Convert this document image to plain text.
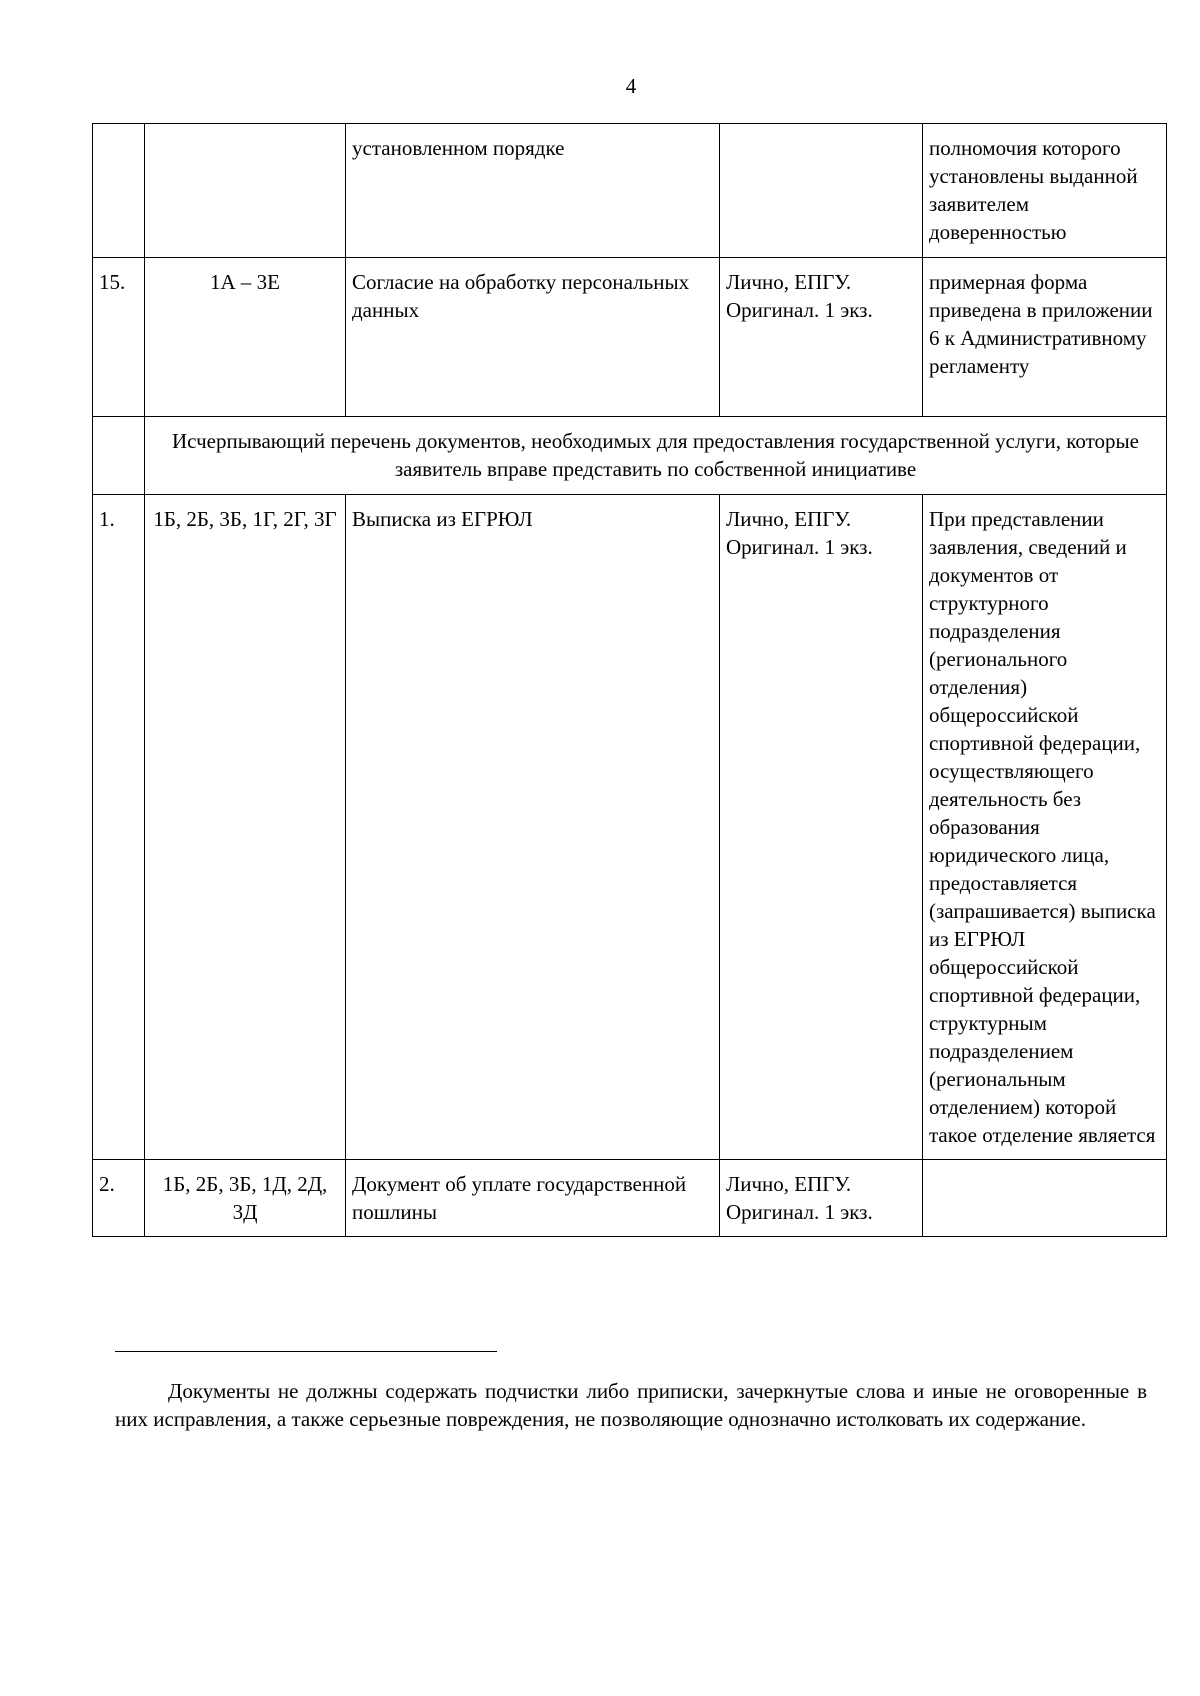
4
		установленном порядке		полномочия которого установлены выданной заявителем доверенностью
15.	1А – 3Е	Согласие на обработку персональных данных	Лично, ЕПГУ. Оригинал. 1 экз.	примерная форма приведена в приложении 6 к Административному регламенту
	Исчерпывающий перечень документов, необходимых для предоставления государственной услуги, которые заявитель вправе представить по собственной инициативе			
1.	1Б, 2Б, 3Б, 1Г, 2Г, 3Г	Выписка из ЕГРЮЛ	Лично, ЕПГУ. Оригинал. 1 экз.	При представлении заявления, сведений и документов от структурного подразделения (регионального отделения) общероссийской спортивной федерации, осуществляющего деятельность без образования юридического лица, предоставляется (запрашивается) выписка из ЕГРЮЛ общероссийской спортивной федерации, структурным подразделением (региональным отделением) которой такое отделение является
2.	1Б, 2Б, 3Б, 1Д, 2Д, 3Д	Документ об уплате государственной пошлины	Лично, ЕПГУ. Оригинал. 1 экз.	
Документы не должны содержать подчистки либо приписки, зачеркнутые слова и иные не оговоренные в них исправления, а также серьезные повреждения, не позволяющие однозначно истолковать их содержание.
